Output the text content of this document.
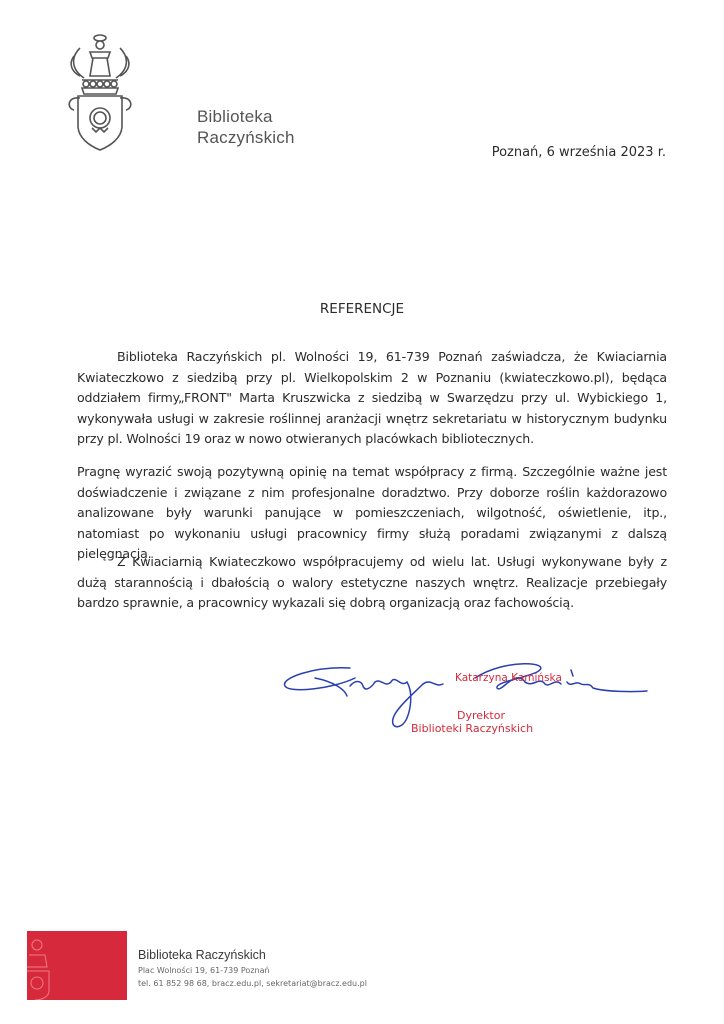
Biblioteka
Raczyńskich
Poznań, 6 września 2023 r.
REFERENCJE
Biblioteka Raczyńskich pl. Wolności 19, 61-739 Poznań zaświadcza, że Kwiaciarnia Kwiateczkowo z siedzibą przy pl. Wielkopolskim 2 w Poznaniu (kwiateczkowo.pl), będąca oddziałem firmy„FRONT" Marta Kruszwicka z siedzibą w Swarzędzu przy ul. Wybickiego 1, wykonywała usługi w zakresie roślinnej aranżacji wnętrz sekretariatu w historycznym budynku przy pl. Wolności 19 oraz w nowo otwieranych placówkach bibliotecznych.
Pragnę wyrazić swoją pozytywną opinię na temat współpracy z firmą. Szczególnie ważne jest doświadczenie i związane z nim profesjonalne doradztwo. Przy doborze roślin każdorazowo analizowane były warunki panujące w pomieszczeniach, wilgotność, oświetlenie, itp., natomiast po wykonaniu usługi pracownicy firmy służą poradami związanymi z dalszą pielęgnacją.
Z Kwiaciarnią Kwiateczkowo współpracujemy od wielu lat. Usługi wykonywane były z dużą starannością i dbałością o walory estetyczne naszych wnętrz. Realizacje przebiegały bardzo sprawnie, a pracownicy wykazali się dobrą organizacją oraz fachowością.
Katarzyna Kamińska
Dyrektor
Biblioteki Raczyńskich
Biblioteka Raczyńskich
Plac Wolności 19, 61-739 Poznań
tel. 61 852 98 68, bracz.edu.pl, sekretariat@bracz.edu.pl
